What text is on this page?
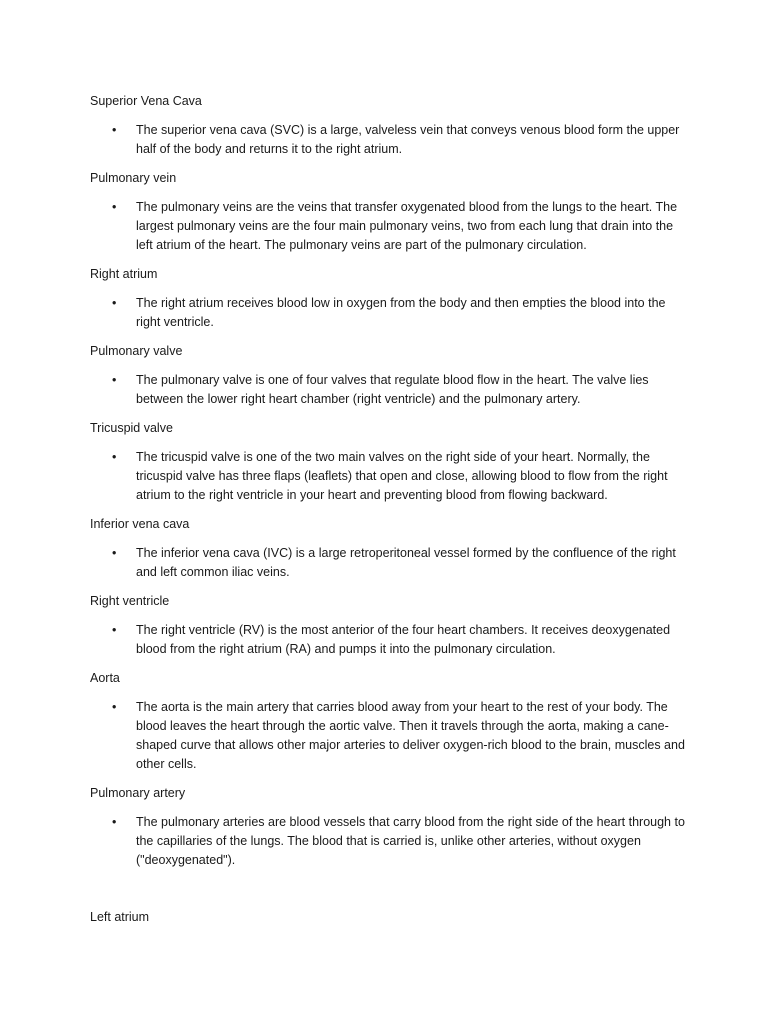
Superior Vena Cava

•	The superior vena cava (SVC) is a large, valveless vein that conveys venous blood form the upper half of the body and returns it to the right atrium.

Pulmonary vein

•	The pulmonary veins are the veins that transfer oxygenated blood from the lungs to the heart. The largest pulmonary veins are the four main pulmonary veins, two from each lung that drain into the left atrium of the heart. The pulmonary veins are part of the pulmonary circulation.

Right atrium

•	The right atrium receives blood low in oxygen from the body and then empties the blood into the right ventricle.

Pulmonary valve

•	The pulmonary valve is one of four valves that regulate blood flow in the heart. The valve lies between the lower right heart chamber (right ventricle) and the pulmonary artery.

Tricuspid valve

•	The tricuspid valve is one of the two main valves on the right side of your heart. Normally, the tricuspid valve has three flaps (leaflets) that open and close, allowing blood to flow from the right atrium to the right ventricle in your heart and preventing blood from flowing backward.

Inferior vena cava

•	The inferior vena cava (IVC) is a large retroperitoneal vessel formed by the confluence of the right and left common iliac veins.

Right ventricle

•	The right ventricle (RV) is the most anterior of the four heart chambers. It receives deoxygenated blood from the right atrium (RA) and pumps it into the pulmonary circulation.

Aorta

•	The aorta is the main artery that carries blood away from your heart to the rest of your body. The blood leaves the heart through the aortic valve. Then it travels through the aorta, making a cane-shaped curve that allows other major arteries to deliver oxygen-rich blood to the brain, muscles and other cells.

Pulmonary artery

•	The pulmonary arteries are blood vessels that carry blood from the right side of the heart through to the capillaries of the lungs. The blood that is carried is, unlike other arteries, without oxygen ("deoxygenated").

Left atrium
